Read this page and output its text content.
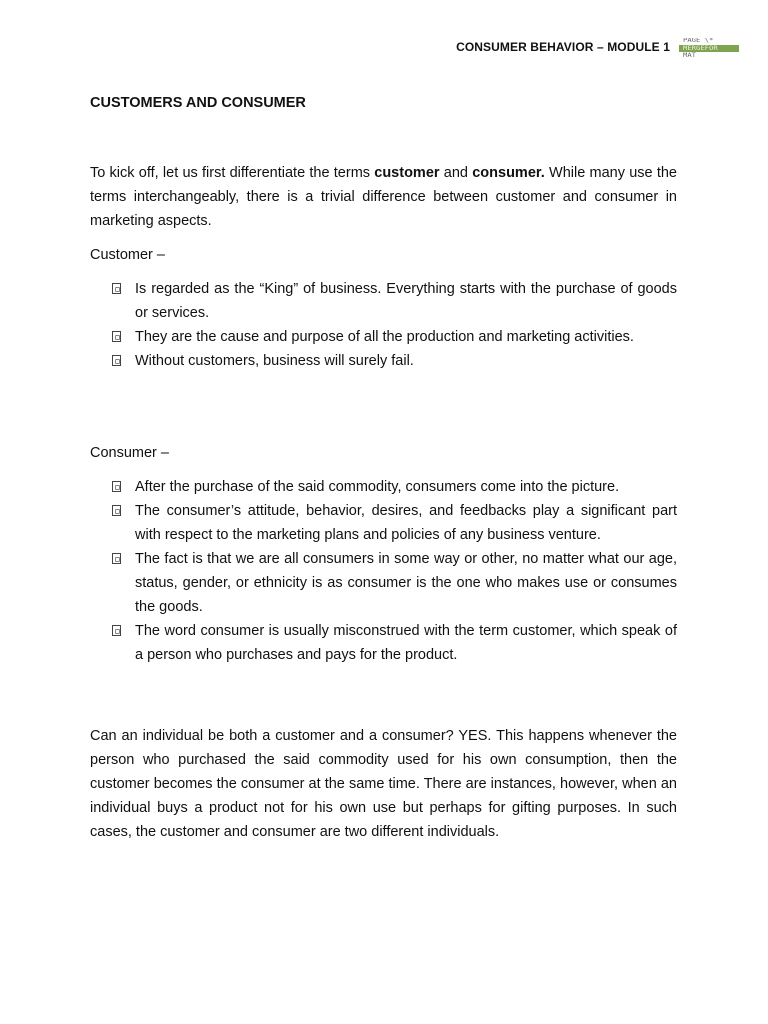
CONSUMER BEHAVIOR – MODULE 1 PAGE \*
MERGEFOR
MAT
CUSTOMERS AND CONSUMER

To kick off, let us first differentiate the terms customer and consumer. While many use the terms interchangeably, there is a trivial difference between customer and consumer in marketing aspects.

Customer –

Is regarded as the “King” of business. Everything starts with the purchase of goods or services.
They are the cause and purpose of all the production and marketing activities.
Without customers, business will surely fail.

Consumer –

After the purchase of the said commodity, consumers come into the picture.
The consumer’s attitude, behavior, desires, and feedbacks play a significant part with respect to the marketing plans and policies of any business venture.
The fact is that we are all consumers in some way or other, no matter what our age, status, gender, or ethnicity is as consumer is the one who makes use or consumes the goods.
The word consumer is usually misconstrued with the term customer, which speak of a person who purchases and pays for the product.

Can an individual be both a customer and a consumer? YES. This happens whenever the person who purchased the said commodity used for his own consumption, then the customer becomes the consumer at the same time. There are instances, however, when an individual buys a product not for his own use but perhaps for gifting purposes. In such cases, the customer and consumer are two different individuals.
